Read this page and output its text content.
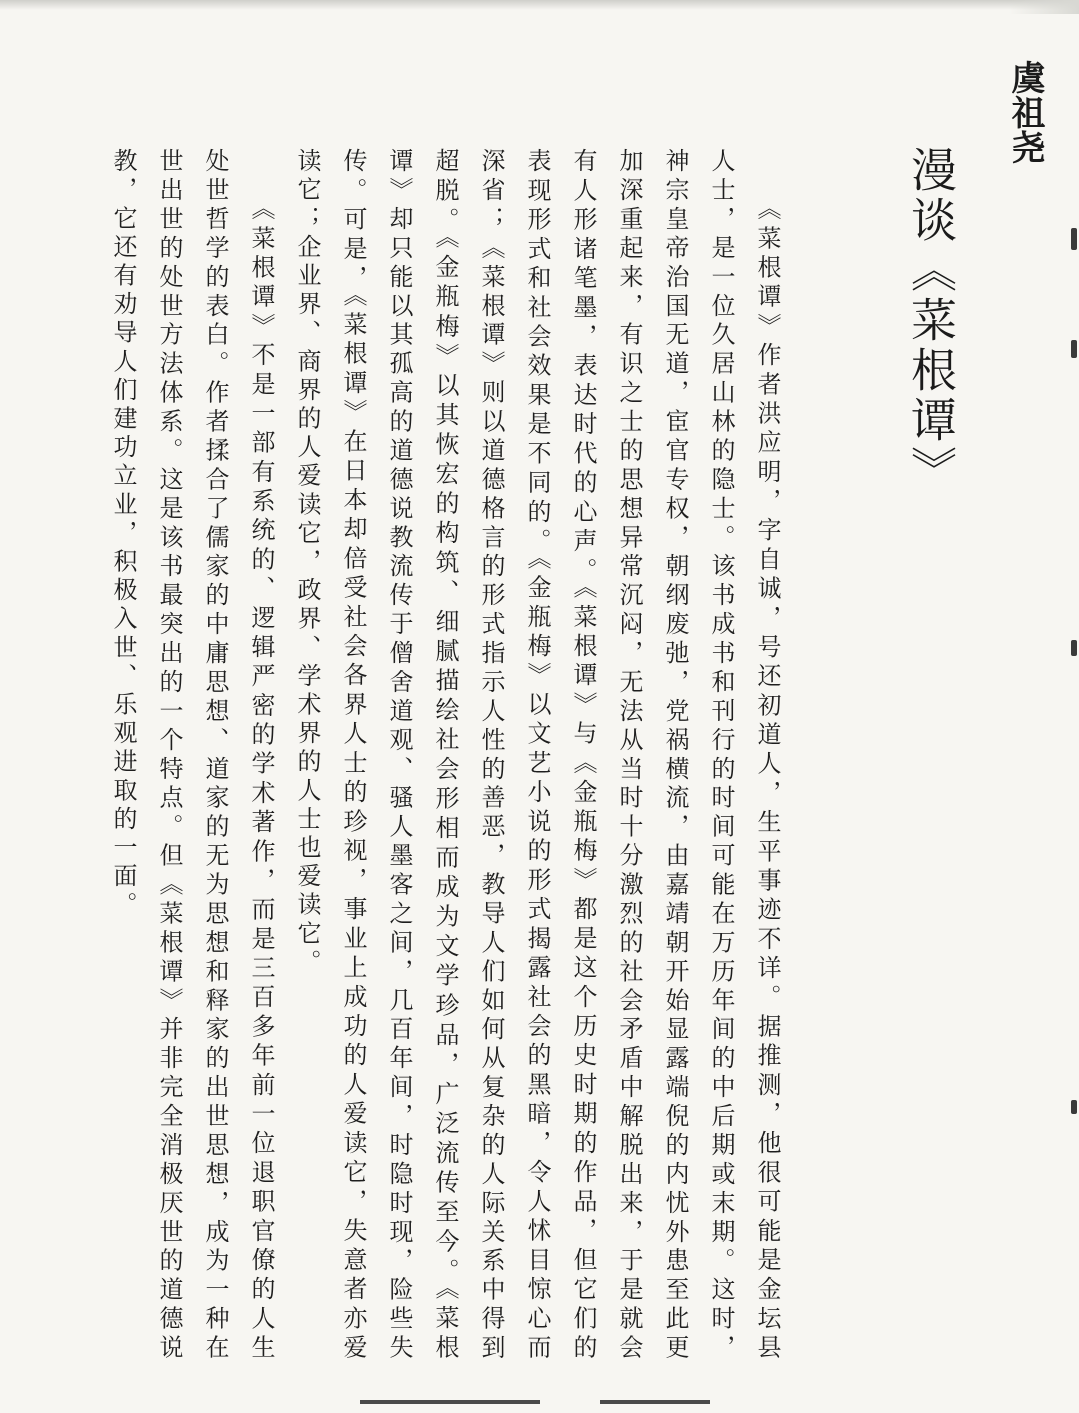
虞祖尧
漫谈《菜根谭》

《菜根谭》作者洪应明，字自诚，号还初道人，生平事迹不详。据推测，他很可能是金坛县人士，是一位久居山林的隐士。该书成书和刊行的时间可能在万历年间的中后期或末期。这时，神宗皇帝治国无道，宦官专权，朝纲废弛，党祸横流，由嘉靖朝开始显露端倪的内忧外患至此更加深重起来，有识之士的思想异常沉闷，无法从当时十分激烈的社会矛盾中解脱出来，于是就会有人形诸笔墨，表达时代的心声。《菜根谭》与《金瓶梅》都是这个历史时期的作品，但它们的表现形式和社会效果是不同的。《金瓶梅》以文艺小说的形式揭露社会的黑暗，令人怵目惊心而深省；《菜根谭》则以道德格言的形式指示人性的善恶，教导人们如何从复杂的人际关系中得到超脱。《金瓶梅》以其恢宏的构筑、细腻描绘社会形相而成为文学珍品，广泛流传至今。《菜根谭》却只能以其孤高的道德说教流传于僧舍道观、骚人墨客之间，几百年间，时隐时现，险些失传。可是，《菜根谭》在日本却倍受社会各界人士的珍视，事业上成功的人爱读它，失意者亦爱读它；企业界、商界的人爱读它，政界、学术界的人士也爱读它。

《菜根谭》不是一部有系统的、逻辑严密的学术著作，而是三百多年前一位退职官僚的人生处世哲学的表白。作者揉合了儒家的中庸思想、道家的无为思想和释家的出世思想，成为一种在世出世的处世方法体系。这是该书最突出的一个特点。但《菜根谭》并非完全消极厌世的道德说教，它还有劝导人们建功立业，积极入世、乐观进取的一面。
